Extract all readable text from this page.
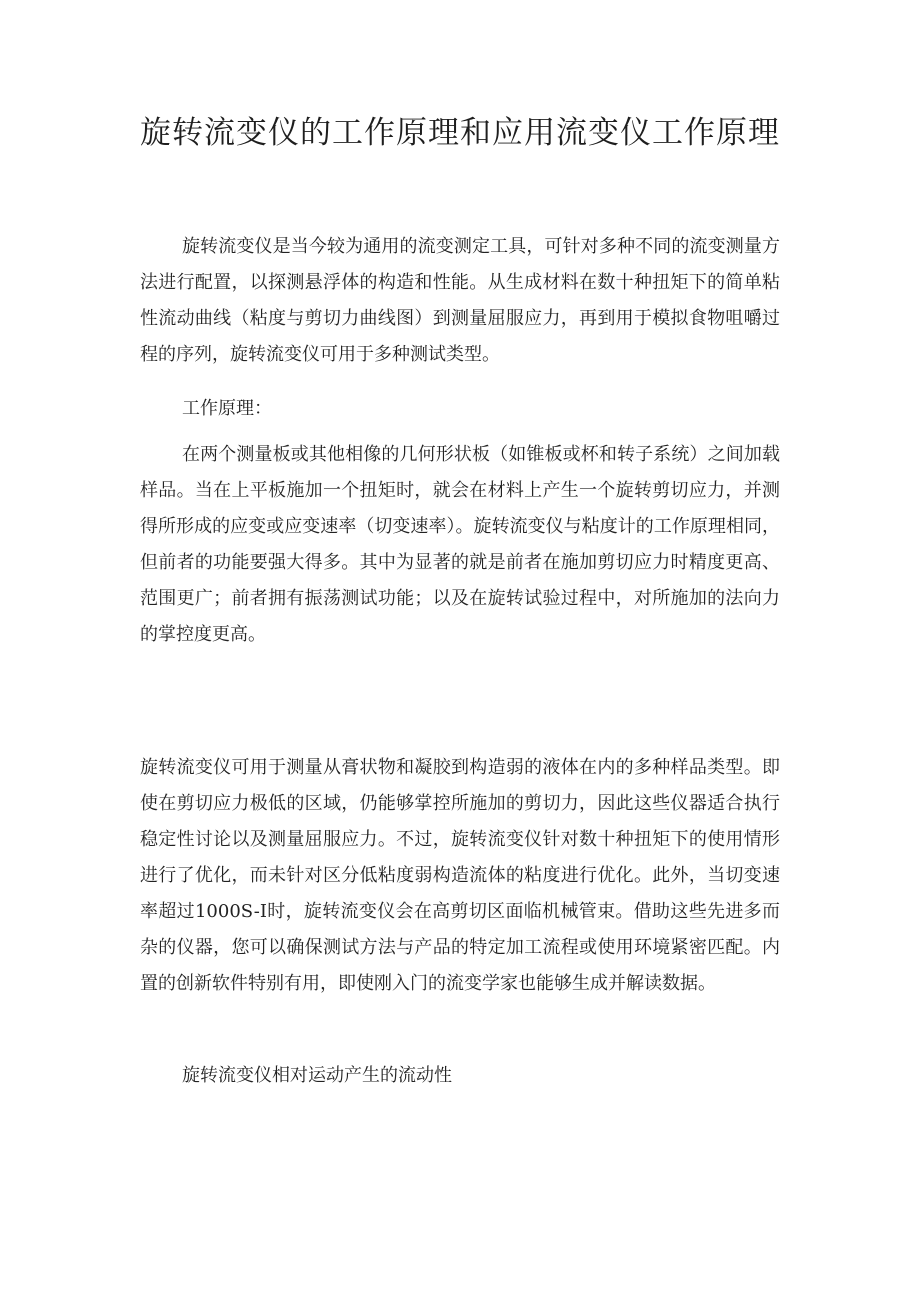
旋转流变仪的工作原理和应用流变仪工作原理

旋转流变仪是当今较为通用的流变测定工具，可针对多种不同的流变测量方法进行配置，以探测悬浮体的构造和性能。从生成材料在数十种扭矩下的简单粘性流动曲线（粘度与剪切力曲线图）到测量屈服应力，再到用于模拟食物咀嚼过程的序列，旋转流变仪可用于多种测试类型。

工作原理：

在两个测量板或其他相像的几何形状板（如锥板或杯和转子系统）之间加载样品。当在上平板施加一个扭矩时，就会在材料上产生一个旋转剪切应力，并测得所形成的应变或应变速率（切变速率）。旋转流变仪与粘度计的工作原理相同，但前者的功能要强大得多。其中为显著的就是前者在施加剪切应力时精度更高、范围更广；前者拥有振荡测试功能；以及在旋转试验过程中，对所施加的法向力的掌控度更高。

旋转流变仪可用于测量从膏状物和凝胶到构造弱的液体在内的多种样品类型。即使在剪切应力极低的区域，仍能够掌控所施加的剪切力，因此这些仪器适合执行稳定性讨论以及测量屈服应力。不过，旋转流变仪针对数十种扭矩下的使用情形进行了优化，而未针对区分低粘度弱构造流体的粘度进行优化。此外，当切变速率超过1000S-I时，旋转流变仪会在高剪切区面临机械管束。借助这些先进多而杂的仪器，您可以确保测试方法与产品的特定加工流程或使用环境紧密匹配。内置的创新软件特别有用，即使刚入门的流变学家也能够生成并解读数据。

旋转流变仪相对运动产生的流动性
